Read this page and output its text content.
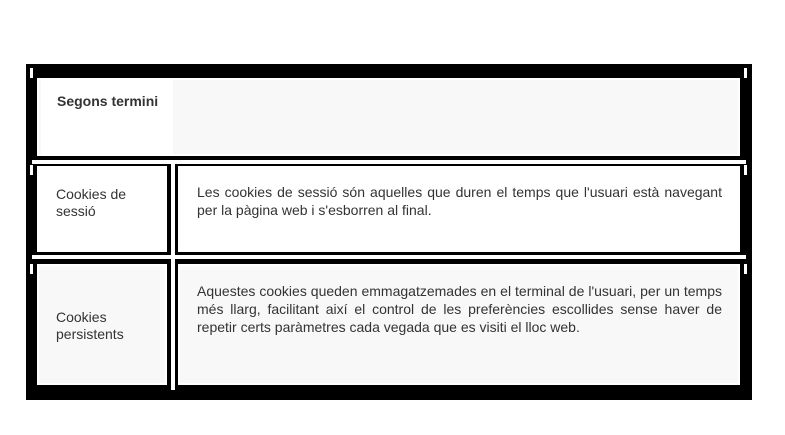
Segons termini
Cookies de sessió
Les cookies de sessió són aquelles que duren el temps que l'usuari està navegant per la pàgina web i s'esborren al final.
Cookies persistents
Aquestes cookies queden emmagatzemades en el terminal de l'usuari, per un temps més llarg, facilitant així el control de les preferències escollides sense haver de repetir certs paràmetres cada vegada que es visiti el lloc web.
